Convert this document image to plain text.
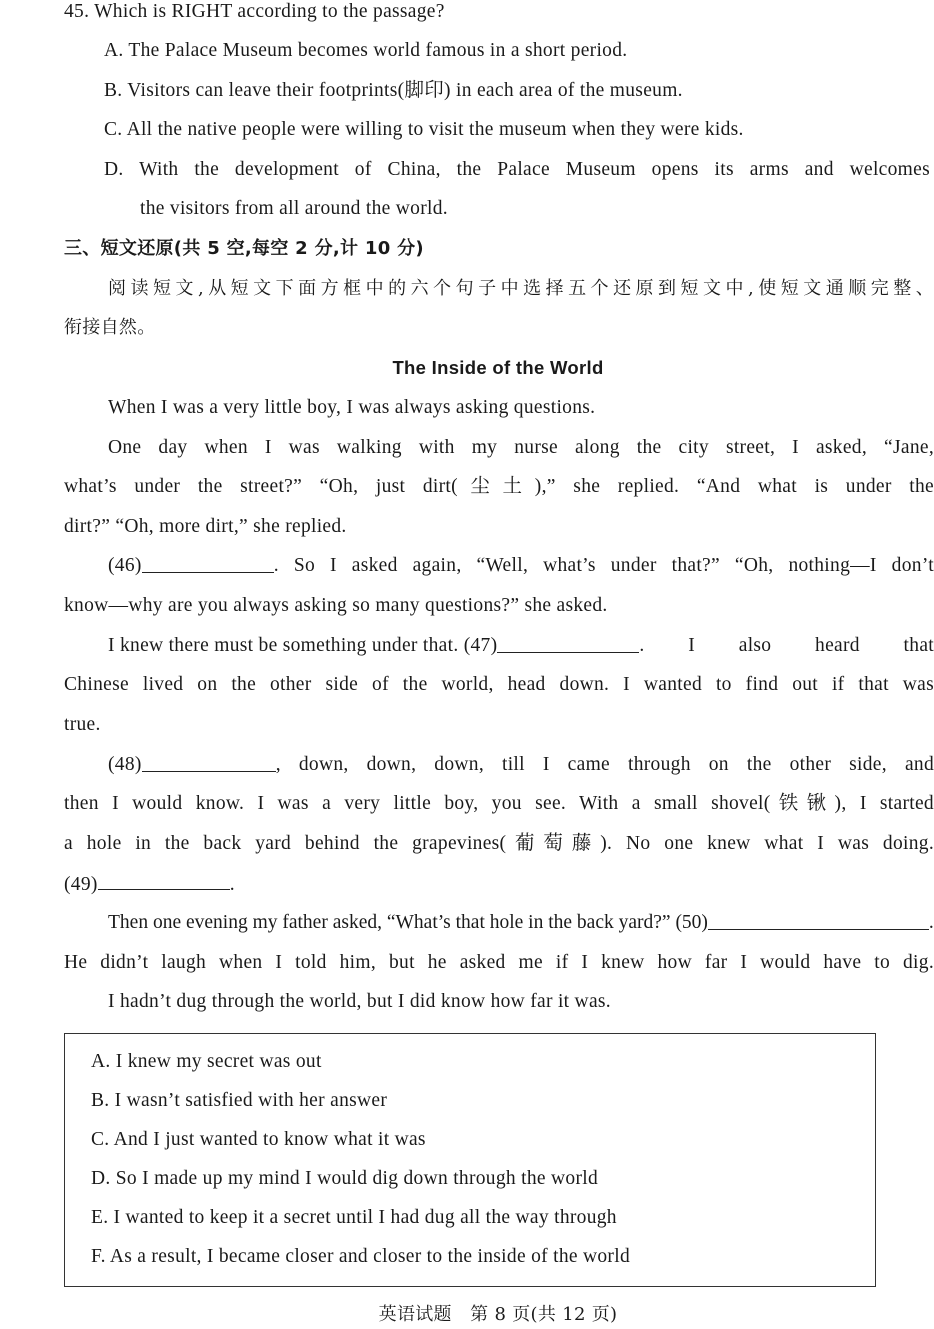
45. Which is RIGHT according to the passage?
A. The Palace Museum becomes world famous in a short period.
B. Visitors can leave their footprints(脚印) in each area of the museum.
C. All the native people were willing to visit the museum when they were kids.
D. With the development of China, the Palace Museum opens its arms and welcomes
the visitors from all around the world.
三、短文还原(共 5 空,每空 2 分,计 10 分)
阅读短文,从短文下面方框中的六个句子中选择五个还原到短文中,使短文通顺完整、
衔接自然。
The Inside of the World
When I was a very little boy, I was always asking questions.
One day when I was walking with my nurse along the city street, I asked, “Jane,
what’s under the street?” “Oh, just dirt(尘土),” she replied. “And what is under the
dirt?” “Oh, more dirt,” she replied.
(46)	. So I asked again, “Well, what’s under that?” “Oh, nothing—I don’t
know—why are you always asking so many questions?” she asked.
I knew there must be something under that. (47)	. I also heard that
Chinese lived on the other side of the world, head down. I wanted to find out if that was
true.
(48)	, down, down, down, till I came through on the other side, and
then I would know. I was a very little boy, you see. With a small shovel(铁锹), I started
a hole in the back yard behind the grapevines(葡萄藤). No one knew what I was doing.
(49)	.
Then one evening my father asked, “What’s that hole in the back yard?” (50)	.
He didn’t laugh when I told him, but he asked me if I knew how far I would have to dig.
I hadn’t dug through the world, but I did know how far it was.
A. I knew my secret was out
B. I wasn’t satisfied with her answer
C. And I just wanted to know what it was
D. So I made up my mind I would dig down through the world
E. I wanted to keep it a secret until I had dug all the way through
F. As a result, I became closer and closer to the inside of the world
英语试题　第 8 页(共 12 页)
